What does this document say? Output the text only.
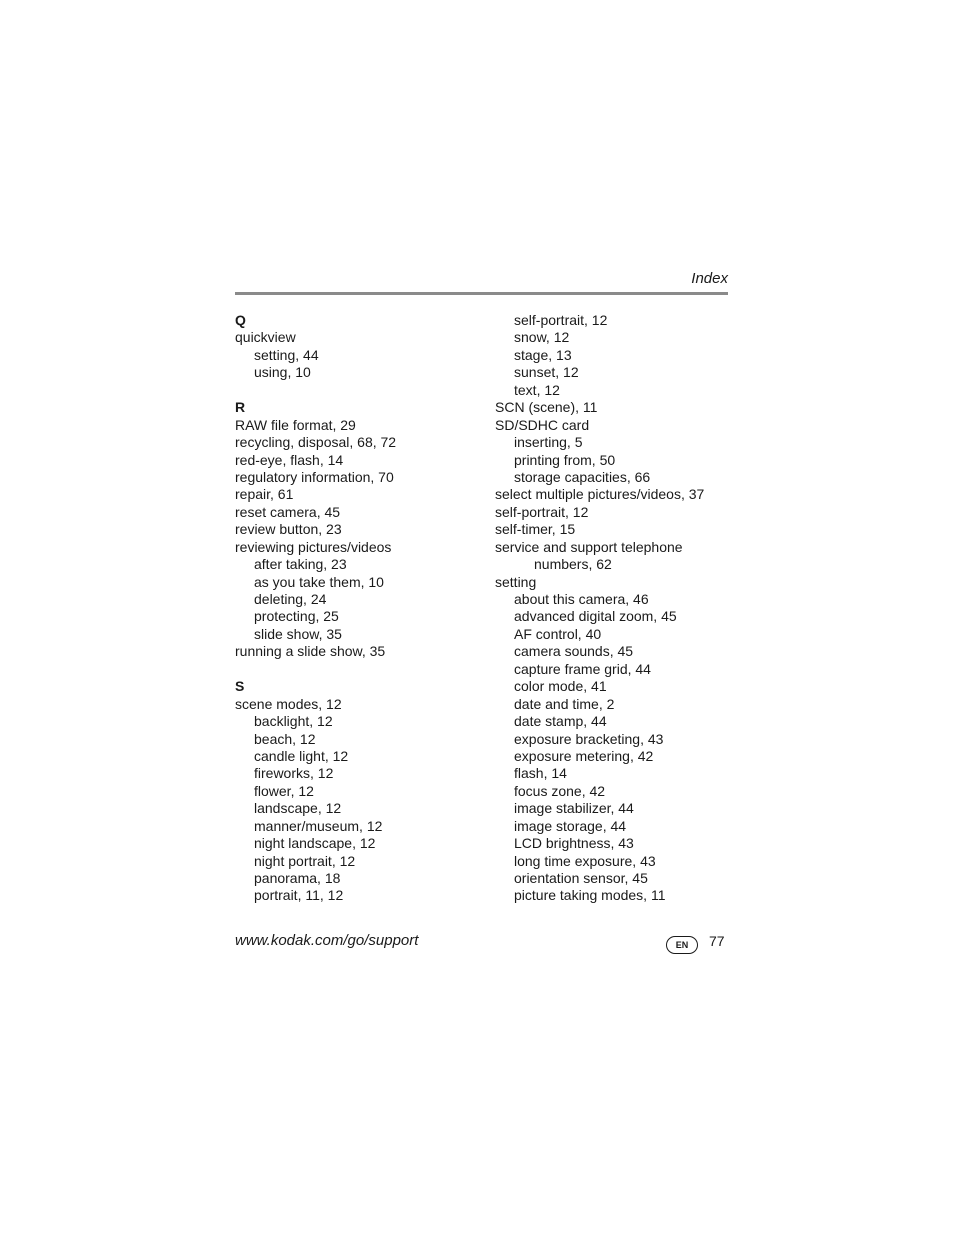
Index
Q
quickview
setting, 44
using, 10
R
RAW file format, 29
recycling, disposal, 68, 72
red-eye, flash, 14
regulatory information, 70
repair, 61
reset camera, 45
review button, 23
reviewing pictures/videos
after taking, 23
as you take them, 10
deleting, 24
protecting, 25
slide show, 35
running a slide show, 35
S
scene modes, 12
backlight, 12
beach, 12
candle light, 12
fireworks, 12
flower, 12
landscape, 12
manner/museum, 12
night landscape, 12
night portrait, 12
panorama, 18
portrait, 11, 12
self-portrait, 12
snow, 12
stage, 13
sunset, 12
text, 12
SCN (scene), 11
SD/SDHC card
inserting, 5
printing from, 50
storage capacities, 66
select multiple pictures/videos, 37
self-portrait, 12
self-timer, 15
service and support telephone
numbers, 62
setting
about this camera, 46
advanced digital zoom, 45
AF control, 40
camera sounds, 45
capture frame grid, 44
color mode, 41
date and time, 2
date stamp, 44
exposure bracketing, 43
exposure metering, 42
flash, 14
focus zone, 42
image stabilizer, 44
image storage, 44
LCD brightness, 43
long time exposure, 43
orientation sensor, 45
picture taking modes, 11
www.kodak.com/go/support	EN	77
